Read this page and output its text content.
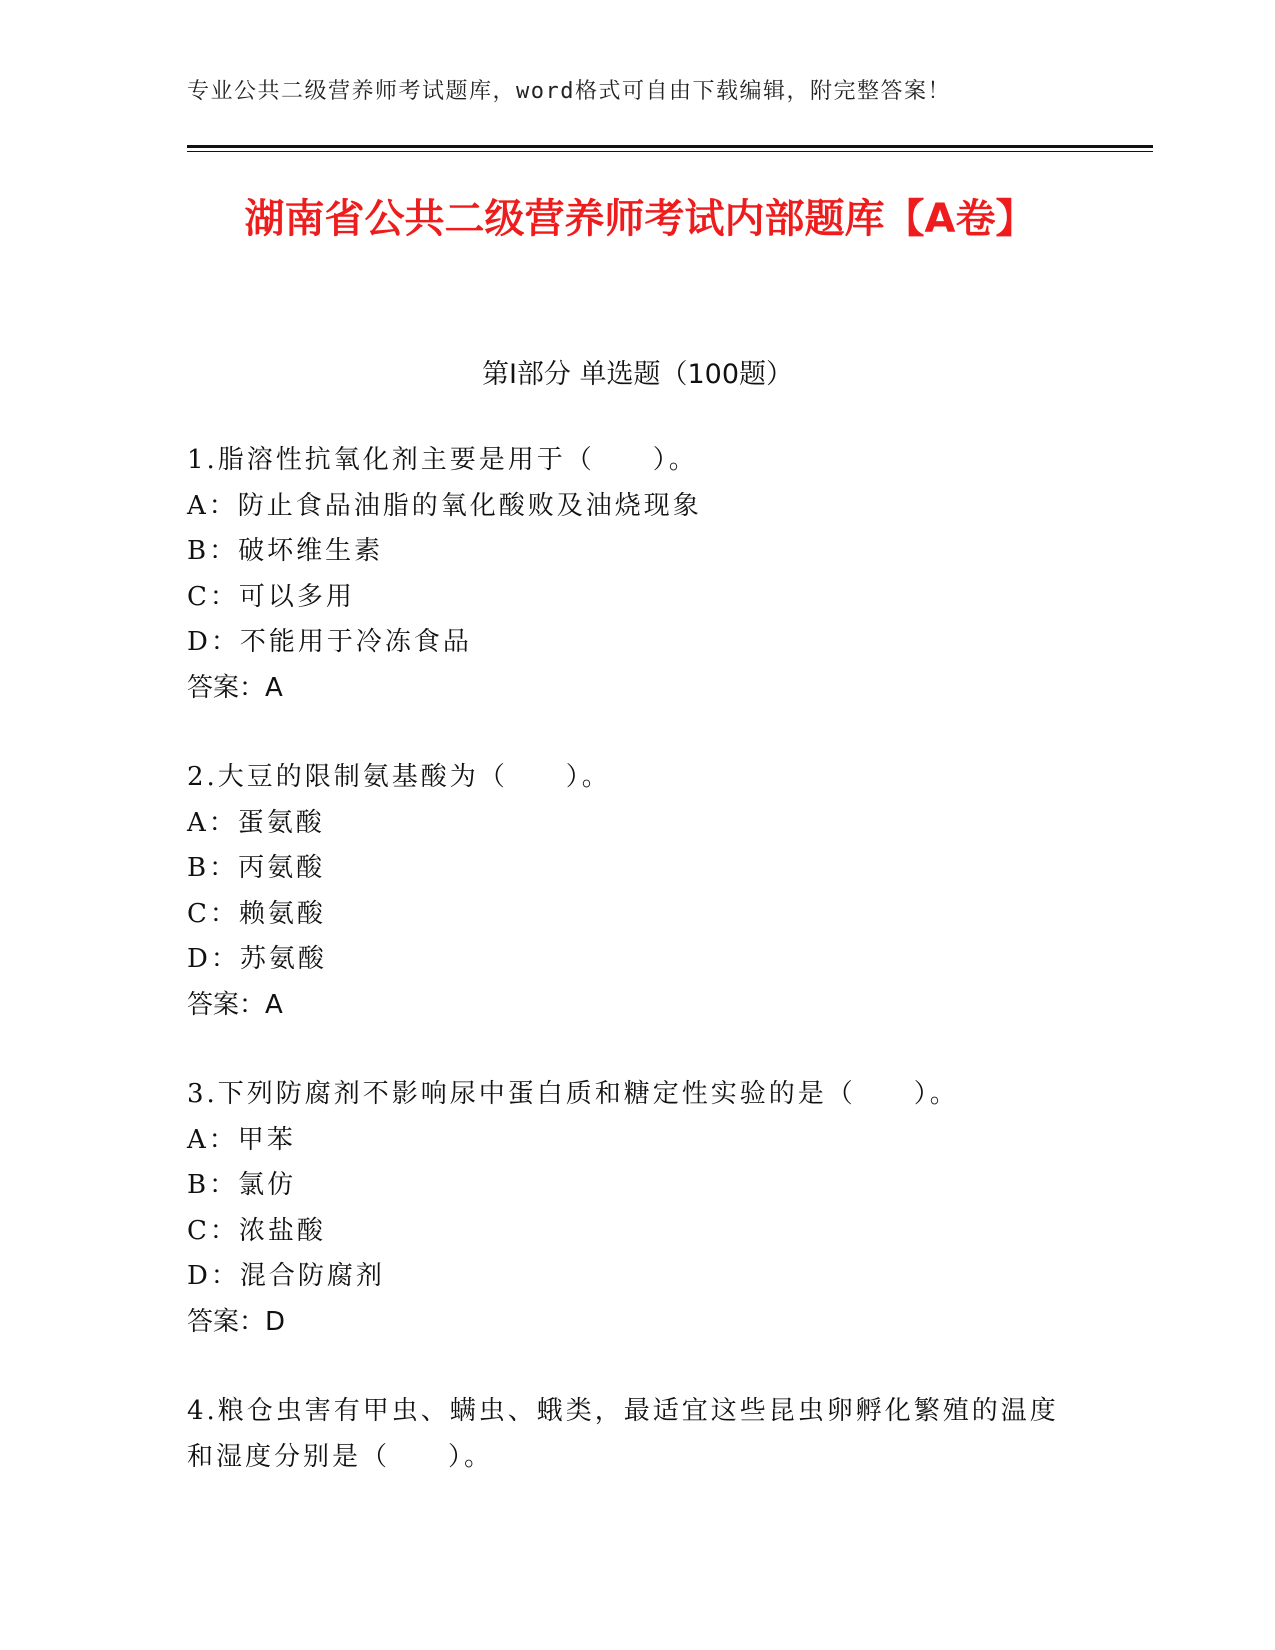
专业公共二级营养师考试题库，word格式可自由下载编辑，附完整答案！
湖南省公共二级营养师考试内部题库【A卷】
第Ⅰ部分 单选题（100题）
1.脂溶性抗氧化剂主要是用于（　　）。
A：防止食品油脂的氧化酸败及油烧现象
B：破坏维生素
C：可以多用
D：不能用于冷冻食品
答案：A
2.大豆的限制氨基酸为（　　）。
A：蛋氨酸
B：丙氨酸
C：赖氨酸
D：苏氨酸
答案：A
3.下列防腐剂不影响尿中蛋白质和糖定性实验的是（　　）。
A：甲苯
B：氯仿
C：浓盐酸
D：混合防腐剂
答案：D
4.粮仓虫害有甲虫、螨虫、蛾类，最适宜这些昆虫卵孵化繁殖的温度和湿度分别是（　　）。
